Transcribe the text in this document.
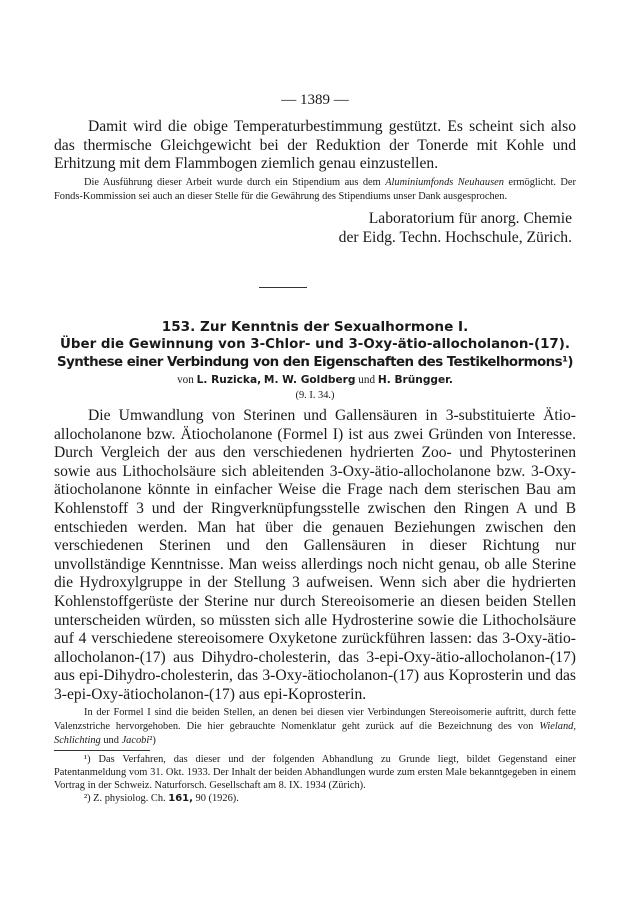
— 1389 —

Damit wird die obige Temperaturbestimmung gestützt. Es scheint sich also das thermische Gleichgewicht bei der Reduktion der Tonerde mit Kohle und Erhitzung mit dem Flammbogen ziemlich genau einzustellen.

Die Ausführung dieser Arbeit wurde durch ein Stipendium aus dem Aluminiumfonds Neuhausen ermöglicht. Der Fonds-Kommission sei auch an dieser Stelle für die Gewährung des Stipendiums unser Dank ausgesprochen.

Laboratorium für anorg. Chemie

der Eidg. Techn. Hochschule, Zürich.

153. Zur Kenntnis der Sexualhormone I.

Über die Gewinnung von 3-Chlor- und 3-Oxy-ätio-allocholanon-(17).

Synthese einer Verbindung von den Eigenschaften des Testikelhormons¹)

von L. Ruzicka, M. W. Goldberg und H. Brüngger.

(9. I. 34.)

Die Umwandlung von Sterinen und Gallensäuren in 3-substituierte Ätio-allocholanone bzw. Ätiocholanone (Formel I) ist aus zwei Gründen von Interesse. Durch Vergleich der aus den verschiedenen hydrierten Zoo- und Phytosterinen sowie aus Lithocholsäure sich ableitenden 3-Oxy-ätio-allocholanone bzw. 3-Oxy-ätiocholanone könnte in einfacher Weise die Frage nach dem sterischen Bau am Kohlenstoff 3 und der Ringverknüpfungsstelle zwischen den Ringen A und B entschieden werden. Man hat über die genauen Beziehungen zwischen den verschiedenen Sterinen und den Gallensäuren in dieser Richtung nur unvollständige Kenntnisse. Man weiss allerdings noch nicht genau, ob alle Sterine die Hydroxylgruppe in der Stellung 3 aufweisen. Wenn sich aber die hydrierten Kohlenstoffgerüste der Sterine nur durch Stereoisomerie an diesen beiden Stellen unterscheiden würden, so müssten sich alle Hydrosterine sowie die Lithocholsäure auf 4 verschiedene stereoisomere Oxyketone zurückführen lassen: das 3-Oxy-ätio-allocholanon-(17) aus Dihydro-cholesterin, das 3-epi-Oxy-ätio-allocholanon-(17) aus epi-Dihydro-cholesterin, das 3-Oxy-ätiocholanon-(17) aus Koprosterin und das 3-epi-Oxy-ätiocholanon-(17) aus epi-Koprosterin.

In der Formel I sind die beiden Stellen, an denen bei diesen vier Verbindungen Stereoisomerie auftritt, durch fette Valenzstriche hervorgehoben. Die hier gebrauchte Nomenklatur geht zurück auf die Bezeichnung des von Wieland, Schlichting und Jacobi²)

¹) Das Verfahren, das dieser und der folgenden Abhandlung zu Grunde liegt, bildet Gegenstand einer Patentanmeldung vom 31. Okt. 1933. Der Inhalt der beiden Abhandlungen wurde zum ersten Male bekanntgegeben in einem Vortrag in der Schweiz. Naturforsch. Gesellschaft am 8. IX. 1934 (Zürich).

²) Z. physiolog. Ch. 161, 90 (1926).
